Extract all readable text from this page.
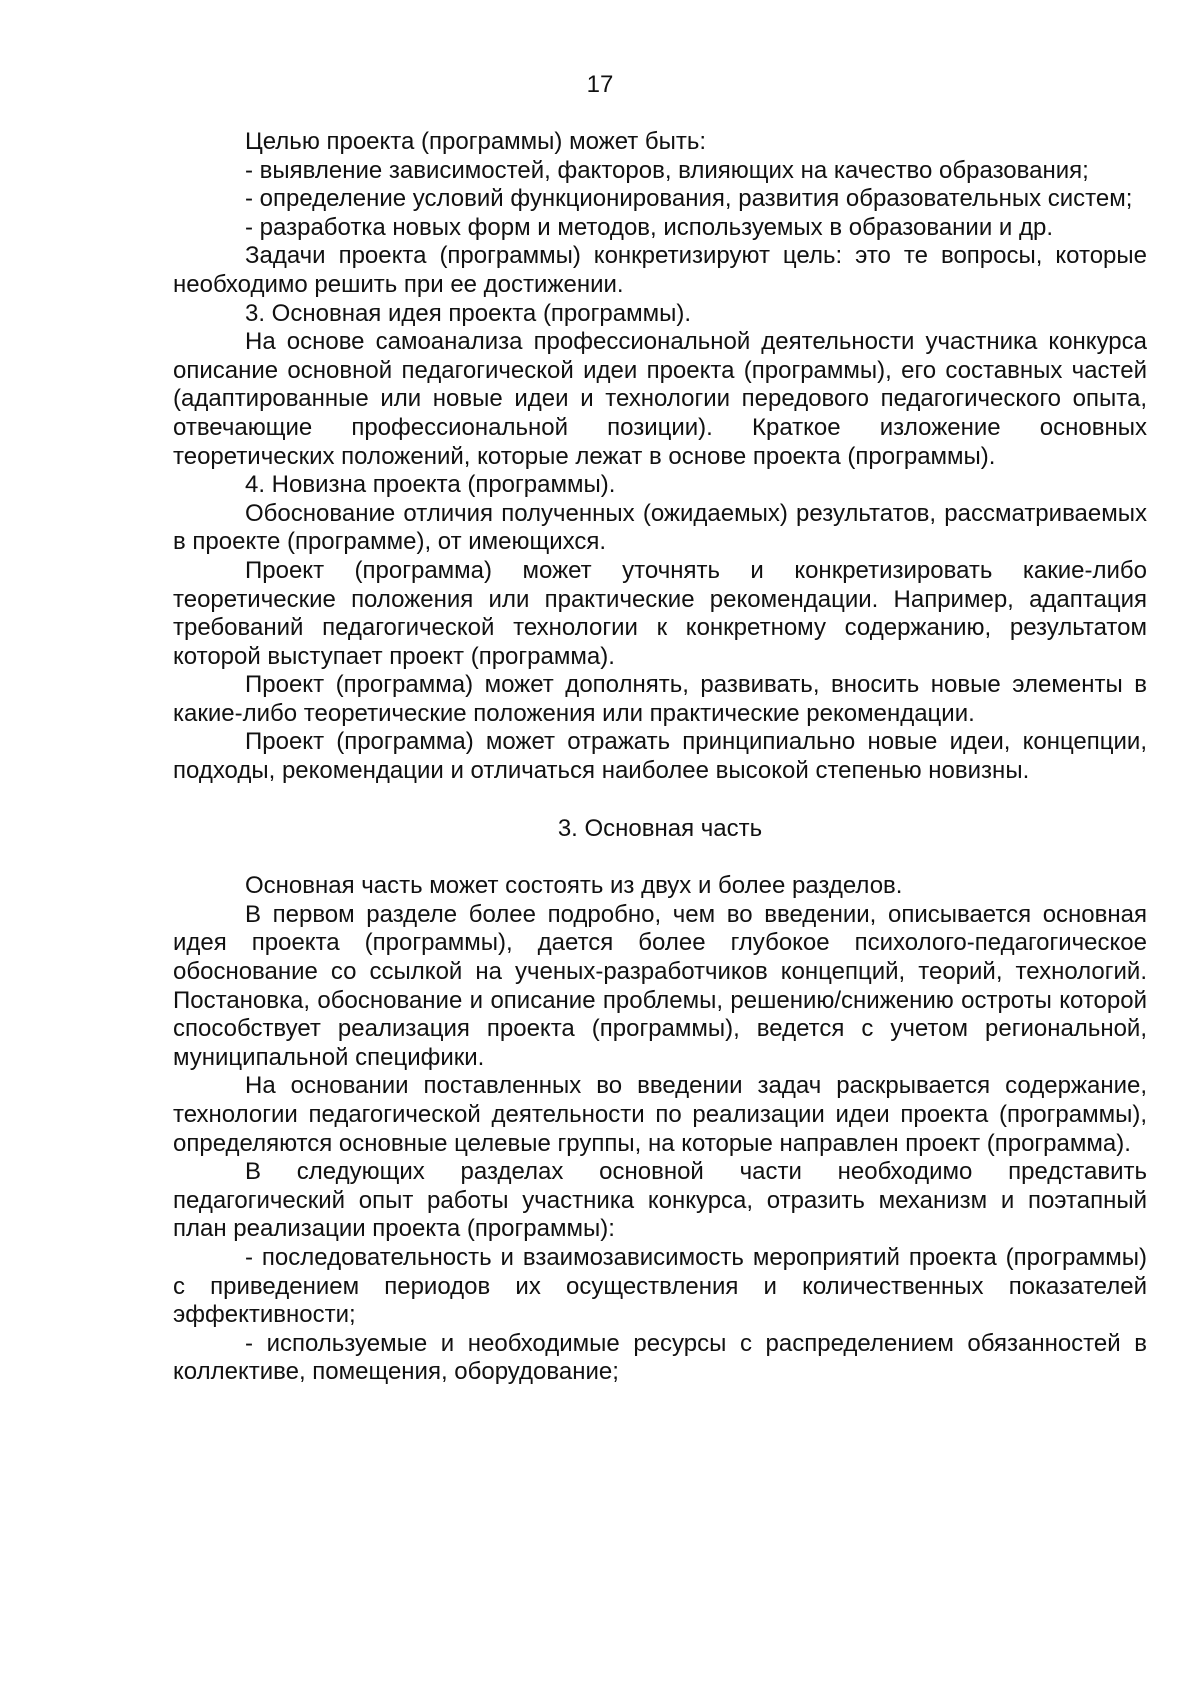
17

Целью проекта (программы) может быть:

- выявление зависимостей, факторов, влияющих на качество образования;

- определение условий функционирования, развития образовательных систем;

- разработка новых форм и методов, используемых в образовании и др.

Задачи проекта (программы) конкретизируют цель: это те вопросы, которые необходимо решить при ее достижении.

3. Основная идея проекта (программы).

На основе самоанализа профессиональной деятельности участника конкурса описание основной педагогической идеи проекта (программы), его составных частей (адаптированные или новые идеи и технологии передового педагогического опыта, отвечающие профессиональной позиции). Краткое изложение основных теоретических положений, которые лежат в основе проекта (программы).

4. Новизна проекта (программы).

Обоснование отличия полученных (ожидаемых) результатов, рассматриваемых в проекте (программе), от имеющихся.

Проект (программа) может уточнять и конкретизировать какие-либо теоретические положения или практические рекомендации. Например, адаптация требований педагогической технологии к конкретному содержанию, результатом которой выступает проект (программа).

Проект (программа) может дополнять, развивать, вносить новые элементы в какие-либо теоретические положения или практические рекомендации.

Проект (программа) может отражать принципиально новые идеи, концепции, подходы, рекомендации и отличаться наиболее высокой степенью новизны.

3. Основная часть

Основная часть может состоять из двух и более разделов.

В первом разделе более подробно, чем во введении, описывается основная идея проекта (программы), дается более глубокое психолого-педагогическое обоснование со ссылкой на ученых-разработчиков концепций, теорий, технологий. Постановка, обоснование и описание проблемы, решению/снижению остроты которой способствует реализация проекта (программы), ведется с учетом региональной, муниципальной специфики.

На основании поставленных во введении задач раскрывается содержание, технологии педагогической деятельности по реализации идеи проекта (программы), определяются основные целевые группы, на которые направлен проект (программа).

В следующих разделах основной части необходимо представить педагогический опыт работы участника конкурса, отразить механизм и поэтапный план реализации проекта (программы):

- последовательность и взаимозависимость мероприятий проекта (программы) с приведением периодов их осуществления и количественных показателей эффективности;

- используемые и необходимые ресурсы с распределением обязанностей в коллективе, помещения, оборудование;
